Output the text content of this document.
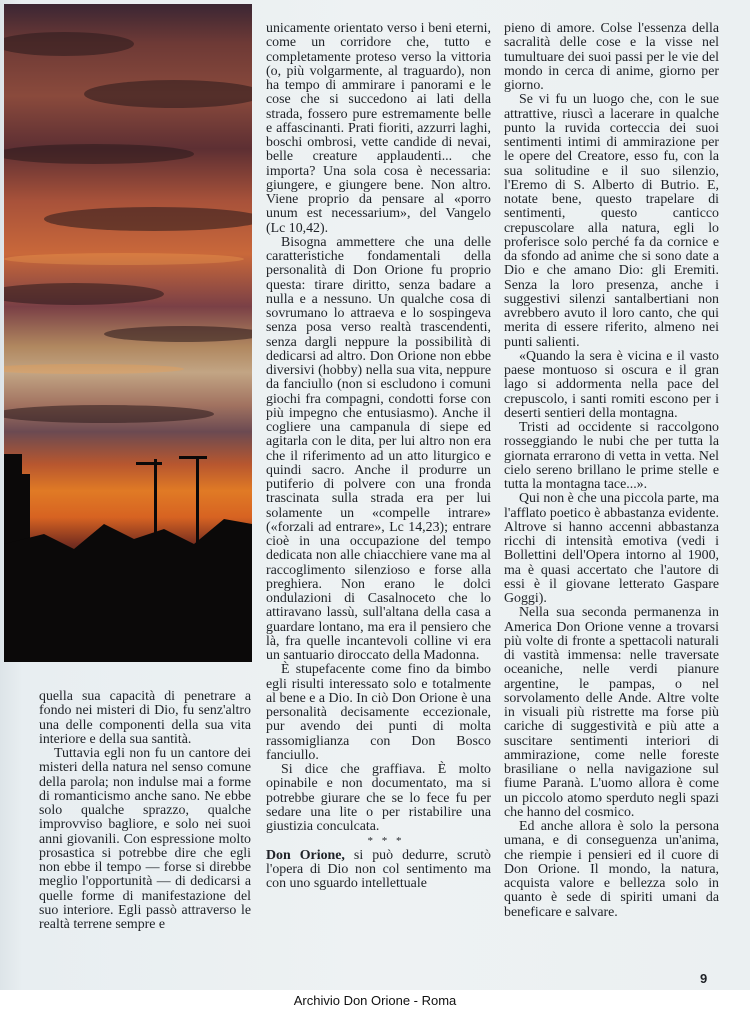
quella sua capacità di penetrare a fondo nei misteri di Dio, fu senz'altro una delle componenti della sua vita interiore e della sua santità.

Tuttavia egli non fu un cantore dei misteri della natura nel senso comune della parola; non indulse mai a forme di romanticismo anche sano. Ne ebbe solo qualche sprazzo, qualche improvviso bagliore, e solo nei suoi anni giovanili. Con espressione molto prosastica si potrebbe dire che egli non ebbe il tempo — forse si direbbe meglio l'opportunità — di dedicarsi a quelle forme di manifestazione del suo interiore. Egli passò attraverso le realtà terrene sempre e

unicamente orientato verso i beni eterni, come un corridore che, tutto e completamente proteso verso la vittoria (o, più volgarmente, al traguardo), non ha tempo di ammirare i panorami e le cose che si succedono ai lati della strada, fossero pure estremamente belle e affascinanti. Prati fioriti, azzurri laghi, boschi ombrosi, vette candide di nevai, belle creature applaudenti... che importa? Una sola cosa è necessaria: giungere, e giungere bene. Non altro. Viene proprio da pensare al «porro unum est necessarium», del Vangelo (Lc 10,42).

Bisogna ammettere che una delle caratteristiche fondamentali della personalità di Don Orione fu proprio questa: tirare diritto, senza badare a nulla e a nessuno. Un qualche cosa di sovrumano lo attraeva e lo sospingeva senza posa verso realtà trascendenti, senza dargli neppure la possibilità di dedicarsi ad altro. Don Orione non ebbe diversivi (hobby) nella sua vita, neppure da fanciullo (non si escludono i comuni giochi fra compagni, condotti forse con più impegno che entusiasmo). Anche il cogliere una campanula di siepe ed agitarla con le dita, per lui altro non era che il riferimento ad un atto liturgico e quindi sacro. Anche il produrre un putiferio di polvere con una fronda trascinata sulla strada era per lui solamente un «compelle intrare» («forzali ad entrare», Lc 14,23); entrare cioè in una occupazione del tempo dedicata non alle chiacchiere vane ma al raccoglimento silenzioso e forse alla preghiera. Non erano le dolci ondulazioni di Casalnoceto che lo attiravano lassù, sull'altana della casa a guardare lontano, ma era il pensiero che là, fra quelle incantevoli colline vi era un santuario diroccato della Madonna.

È stupefacente come fino da bimbo egli risulti interessato solo e totalmente al bene e a Dio. In ciò Don Orione è una personalità decisamente eccezionale, pur avendo dei punti di molta rassomiglianza con Don Bosco fanciullo.

Si dice che graffiava. È molto opinabile e non documentato, ma si potrebbe giurare che se lo fece fu per sedare una lite o per ristabilire una giustizia conculcata.

* * *

Don Orione, si può dedurre, scrutò l'opera di Dio non col sentimento ma con uno sguardo intellettuale

pieno di amore. Colse l'essenza della sacralità delle cose e la visse nel tumultuare dei suoi passi per le vie del mondo in cerca di anime, giorno per giorno.

Se vi fu un luogo che, con le sue attrattive, riuscì a lacerare in qualche punto la ruvida corteccia dei suoi sentimenti intimi di ammirazione per le opere del Creatore, esso fu, con la sua solitudine e il suo silenzio, l'Eremo di S. Alberto di Butrio. E, notate bene, questo trapelare di sentimenti, questo canticco crepuscolare alla natura, egli lo proferisce solo perché fa da cornice e da sfondo ad anime che si sono date a Dio e che amano Dio: gli Eremiti. Senza la loro presenza, anche i suggestivi silenzi santalbertiani non avrebbero avuto il loro canto, che qui merita di essere riferito, almeno nei punti salienti.

«Quando la sera è vicina e il vasto paese montuoso si oscura e il gran lago si addormenta nella pace del crepuscolo, i santi romiti escono per i deserti sentieri della montagna.

Tristi ad occidente si raccolgono rosseggiando le nubi che per tutta la giornata errarono di vetta in vetta. Nel cielo sereno brillano le prime stelle e tutta la montagna tace...».

Qui non è che una piccola parte, ma l'afflato poetico è abbastanza evidente. Altrove si hanno accenni abbastanza ricchi di intensità emotiva (vedi i Bollettini dell'Opera intorno al 1900, ma è quasi accertato che l'autore di essi è il giovane letterato Gaspare Goggi).

Nella sua seconda permanenza in America Don Orione venne a trovarsi più volte di fronte a spettacoli naturali di vastità immensa: nelle traversate oceaniche, nelle verdi pianure argentine, le pampas, o nel sorvolamento delle Ande. Altre volte in visuali più ristrette ma forse più cariche di suggestività e più atte a suscitare sentimenti interiori di ammirazione, come nelle foreste brasiliane o nella navigazione sul fiume Paranà. L'uomo allora è come un piccolo atomo sperduto negli spazi che hanno del cosmico.

Ed anche allora è solo la persona umana, e di conseguenza un'anima, che riempie i pensieri ed il cuore di Don Orione. Il mondo, la natura, acquista valore e bellezza solo in quanto è sede di spiriti umani da beneficare e salvare.

9
Archivio Don Orione - Roma
